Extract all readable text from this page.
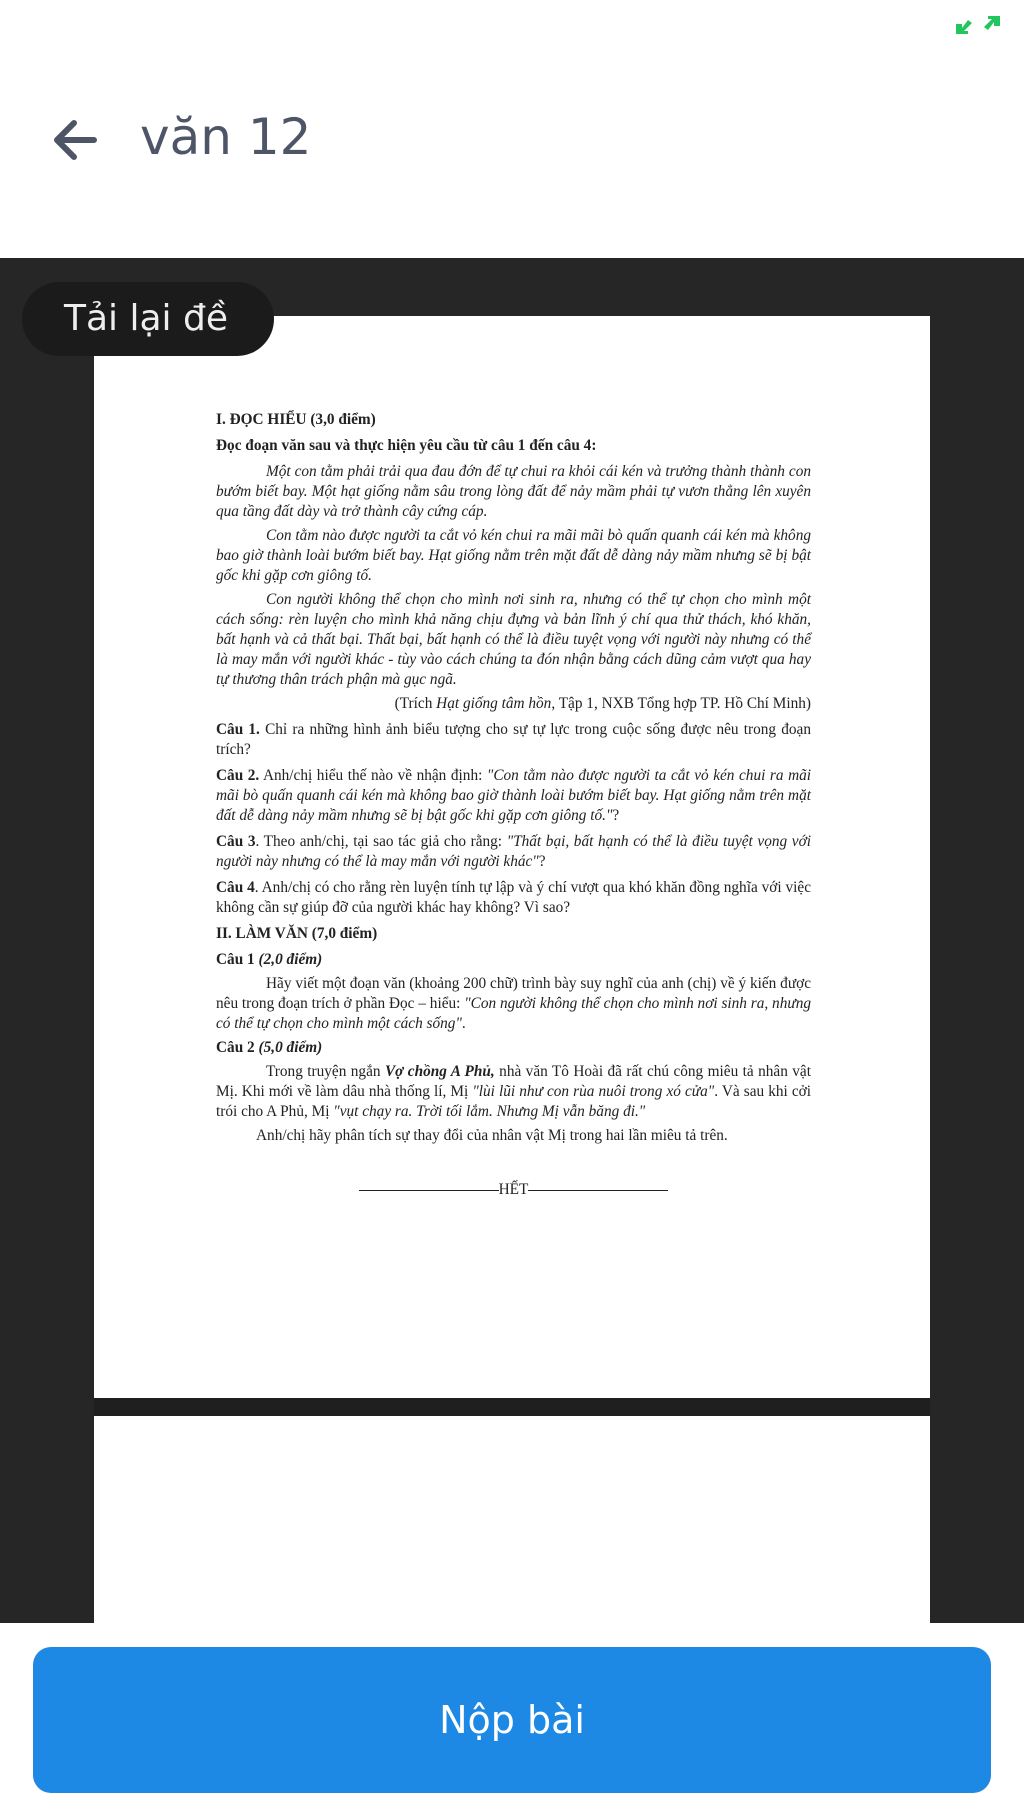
văn 12
Tải lại đề

I. ĐỌC HIỂU (3,0 điểm)

Đọc đoạn văn sau và thực hiện yêu cầu từ câu 1 đến câu 4:

Một con tằm phải trải qua đau đớn để tự chui ra khỏi cái kén và trưởng thành thành con bướm biết bay. Một hạt giống nằm sâu trong lòng đất để nảy mầm phải tự vươn thẳng lên xuyên qua tầng đất dày và trở thành cây cứng cáp.

Con tằm nào được người ta cắt vỏ kén chui ra mãi mãi bò quấn quanh cái kén mà không bao giờ thành loài bướm biết bay. Hạt giống nằm trên mặt đất dễ dàng nảy mầm nhưng sẽ bị bật gốc khi gặp cơn giông tố.

Con người không thể chọn cho mình nơi sinh ra, nhưng có thể tự chọn cho mình một cách sống: rèn luyện cho mình khả năng chịu đựng và bản lĩnh ý chí qua thử thách, khó khăn, bất hạnh và cả thất bại. Thất bại, bất hạnh có thể là điều tuyệt vọng với người này nhưng có thể là may mắn với người khác - tùy vào cách chúng ta đón nhận bằng cách dũng cảm vượt qua hay tự thương thân trách phận mà gục ngã.

(Trích Hạt giống tâm hồn, Tập 1, NXB Tổng hợp TP. Hồ Chí Minh)

Câu 1. Chỉ ra những hình ảnh biểu tượng cho sự tự lực trong cuộc sống được nêu trong đoạn trích?

Câu 2. Anh/chị hiểu thế nào về nhận định: "Con tằm nào được người ta cắt vỏ kén chui ra mãi mãi bò quấn quanh cái kén mà không bao giờ thành loài bướm biết bay. Hạt giống nằm trên mặt đất dễ dàng nảy mầm nhưng sẽ bị bật gốc khi gặp cơn giông tố."?

Câu 3. Theo anh/chị, tại sao tác giả cho rằng: "Thất bại, bất hạnh có thể là điều tuyệt vọng với người này nhưng có thể là may mắn với người khác"?

Câu 4. Anh/chị có cho rằng rèn luyện tính tự lập và ý chí vượt qua khó khăn đồng nghĩa với việc không cần sự giúp đỡ của người khác hay không? Vì sao?

II. LÀM VĂN (7,0 điểm)

Câu 1 (2,0 điểm)

Hãy viết một đoạn văn (khoảng 200 chữ) trình bày suy nghĩ của anh (chị) về ý kiến được nêu trong đoạn trích ở phần Đọc – hiểu: "Con người không thể chọn cho mình nơi sinh ra, nhưng có thể tự chọn cho mình một cách sống".

Câu 2 (5,0 điểm)

Trong truyện ngắn Vợ chồng A Phủ, nhà văn Tô Hoài đã rất chú công miêu tả nhân vật Mị. Khi mới về làm dâu nhà thống lí, Mị "lùi lũi như con rùa nuôi trong xó cửa". Và sau khi cởi trói cho A Phủ, Mị "vụt chạy ra. Trời tối lắm. Nhưng Mị vẫn băng đi."

Anh/chị hãy phân tích sự thay đổi của nhân vật Mị trong hai lần miêu tả trên.

HẾT

Nộp bài
